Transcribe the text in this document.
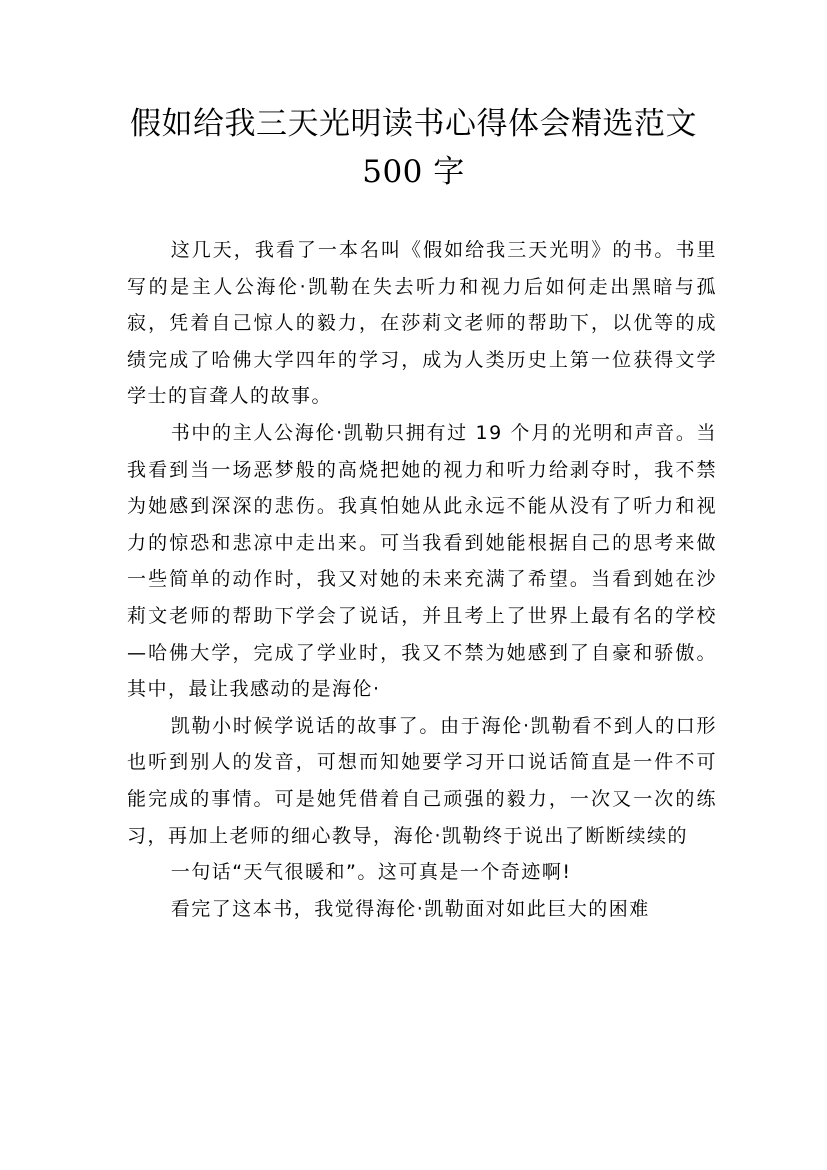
假如给我三天光明读书心得体会精选范文
500 字

这几天，我看了一本名叫《假如给我三天光明》的书。书里写的是主人公海伦·凯勒在失去听力和视力后如何走出黑暗与孤寂，凭着自己惊人的毅力，在莎莉文老师的帮助下，以优等的成绩完成了哈佛大学四年的学习，成为人类历史上第一位获得文学学士的盲聋人的故事。

书中的主人公海伦·凯勒只拥有过 19 个月的光明和声音。当我看到当一场恶梦般的高烧把她的视力和听力给剥夺时，我不禁为她感到深深的悲伤。我真怕她从此永远不能从没有了听力和视力的惊恐和悲凉中走出来。可当我看到她能根据自己的思考来做一些简单的动作时，我又对她的未来充满了希望。当看到她在沙莉文老师的帮助下学会了说话，并且考上了世界上最有名的学校—哈佛大学，完成了学业时，我又不禁为她感到了自豪和骄傲。其中，最让我感动的是海伦·

凯勒小时候学说话的故事了。由于海伦·凯勒看不到人的口形也听到别人的发音，可想而知她要学习开口说话简直是一件不可能完成的事情。可是她凭借着自己顽强的毅力，一次又一次的练习，再加上老师的细心教导，海伦·凯勒终于说出了断断续续的

一句话“天气很暖和”。这可真是一个奇迹啊!

看完了这本书，我觉得海伦·凯勒面对如此巨大的困难
